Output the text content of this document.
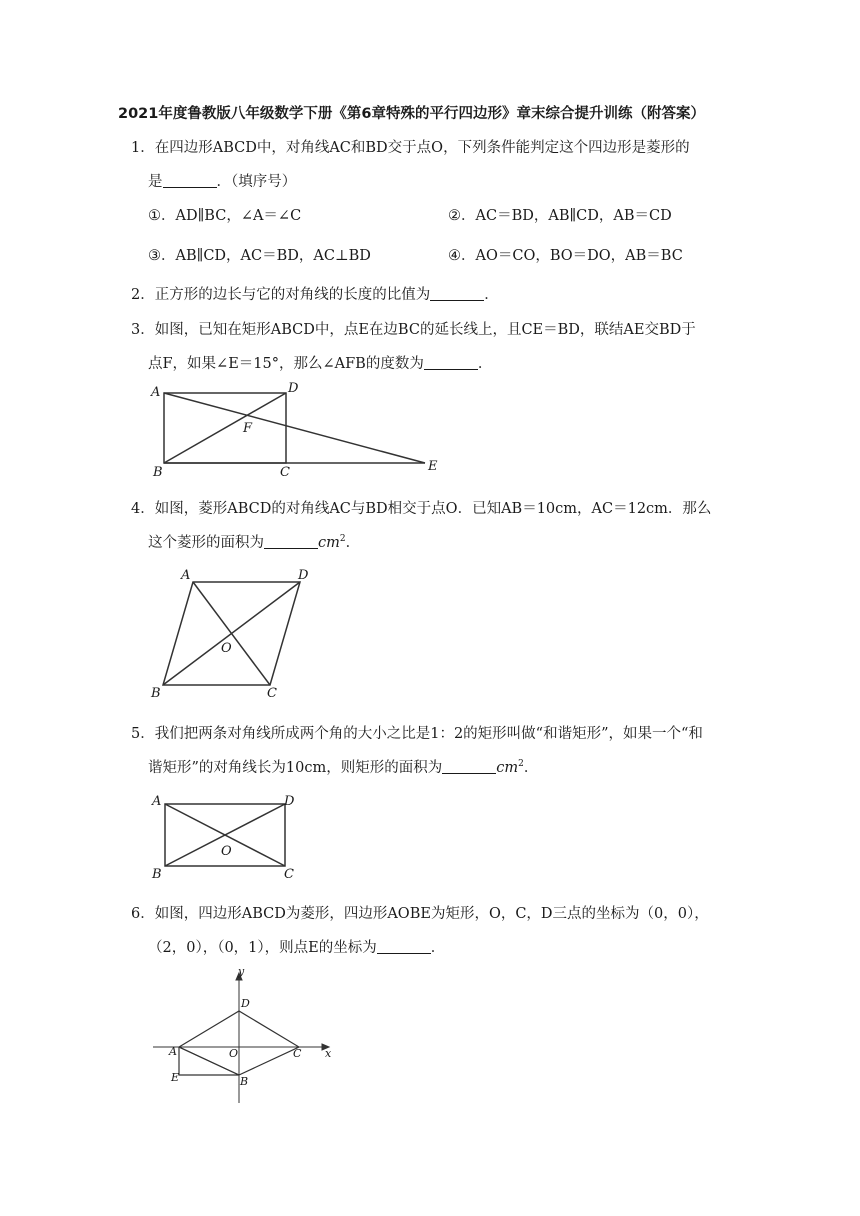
2021年度鲁教版八年级数学下册《第6章特殊的平行四边形》章末综合提升训练（附答案）
1．在四边形ABCD中，对角线AC和BD交于点O，下列条件能判定这个四边形是菱形的
是	．（填序号）
①．AD∥BC，∠A＝∠C	②．AC＝BD，AB∥CD，AB＝CD
③．AB∥CD，AC＝BD，AC⊥BD	④．AO＝CO，BO＝DO，AB＝BC
2．正方形的边长与它的对角线的长度的比值为	．
3．如图，已知在矩形ABCD中，点E在边BC的延长线上，且CE＝BD，联结AE交BD于
点F，如果∠E＝15°，那么∠AFB的度数为	．
A	D
F
B	C	E
4．如图，菱形ABCD的对角线AC与BD相交于点O．已知AB＝10cm，AC＝12cm．那么
这个菱形的面积为	$cm^2$．
A	D
O
B	C
5．我们把两条对角线所成两个角的大小之比是1：2的矩形叫做“和谐矩形”，如果一个“和
谐矩形”的对角线长为10cm，则矩形的面积为	$cm^2$．
A	D
O
B	C
6．如图，四边形ABCD为菱形，四边形AOBE为矩形，O，C，D三点的坐标为（0，0），
（2，0），（0，1），则点E的坐标为	．
y
D
A	O	C x
E	B
